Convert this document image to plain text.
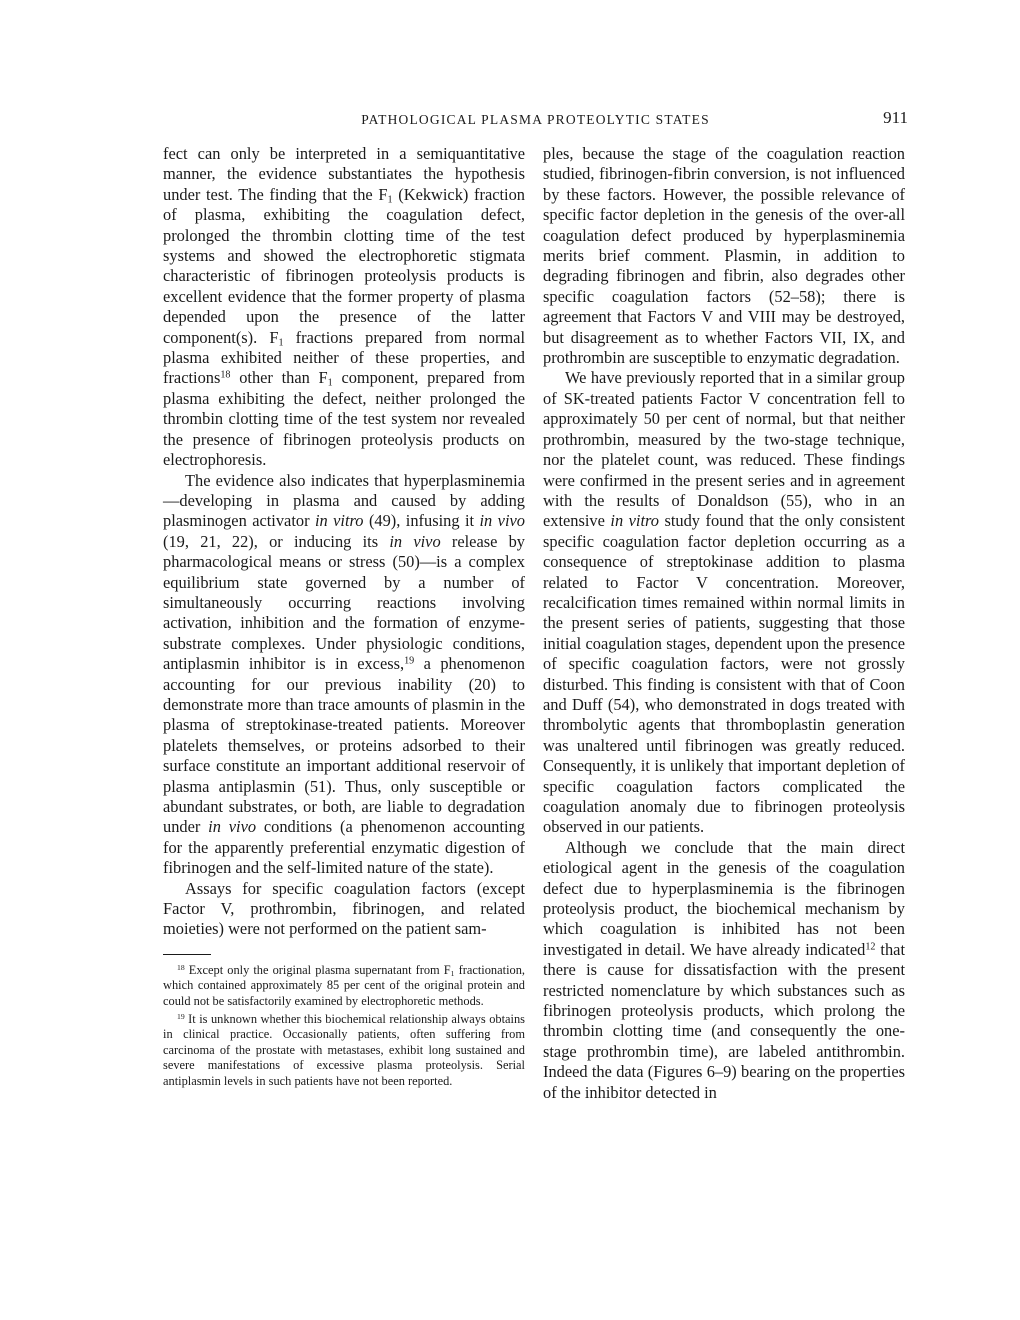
PATHOLOGICAL PLASMA PROTEOLYTIC STATES	911

fect can only be interpreted in a semiquantitative manner, the evidence substantiates the hypothesis under test. The finding that the $F_1$ (Kekwick) fraction of plasma, exhibiting the coagulation defect, prolonged the thrombin clotting time of the test systems and showed the electrophoretic stigmata characteristic of fibrinogen proteolysis products is excellent evidence that the former property of plasma depended upon the presence of the latter component(s). $F_1$ fractions prepared from normal plasma exhibited neither of these properties, and fractions$^{18}$ other than $F_1$ component, prepared from plasma exhibiting the defect, neither prolonged the thrombin clotting time of the test system nor revealed the presence of fibrinogen proteolysis products on electrophoresis.

The evidence also indicates that hyperplasminemia—developing in plasma and caused by adding plasminogen activator in vitro (49), infusing it in vivo (19, 21, 22), or inducing its in vivo release by pharmacological means or stress (50)—is a complex equilibrium state governed by a number of simultaneously occurring reactions involving activation, inhibition and the formation of enzyme-substrate complexes. Under physiologic conditions, antiplasmin inhibitor is in excess,$^{19}$ a phenomenon accounting for our previous inability (20) to demonstrate more than trace amounts of plasmin in the plasma of streptokinase-treated patients. Moreover platelets themselves, or proteins adsorbed to their surface constitute an important additional reservoir of plasma antiplasmin (51). Thus, only susceptible or abundant substrates, or both, are liable to degradation under in vivo conditions (a phenomenon accounting for the apparently preferential enzymatic digestion of fibrinogen and the self-limited nature of the state).

Assays for specific coagulation factors (except Factor V, prothrombin, fibrinogen, and related moieties) were not performed on the patient sam-

$^{18}$ Except only the original plasma supernatant from $F_1$ fractionation, which contained approximately 85 per cent of the original protein and could not be satisfactorily examined by electrophoretic methods.

$^{19}$ It is unknown whether this biochemical relationship always obtains in clinical practice. Occasionally patients, often suffering from carcinoma of the prostate with metastases, exhibit long sustained and severe manifestations of excessive plasma proteolysis. Serial antiplasmin levels in such patients have not been reported.

ples, because the stage of the coagulation reaction studied, fibrinogen-fibrin conversion, is not influenced by these factors. However, the possible relevance of specific factor depletion in the genesis of the over-all coagulation defect produced by hyperplasminemia merits brief comment. Plasmin, in addition to degrading fibrinogen and fibrin, also degrades other specific coagulation factors (52–58); there is agreement that Factors V and VIII may be destroyed, but disagreement as to whether Factors VII, IX, and prothrombin are susceptible to enzymatic degradation.

We have previously reported that in a similar group of SK-treated patients Factor V concentration fell to approximately 50 per cent of normal, but that neither prothrombin, measured by the two-stage technique, nor the platelet count, was reduced. These findings were confirmed in the present series and in agreement with the results of Donaldson (55), who in an extensive in vitro study found that the only consistent specific coagulation factor depletion occurring as a consequence of streptokinase addition to plasma related to Factor V concentration. Moreover, recalcification times remained within normal limits in the present series of patients, suggesting that those initial coagulation stages, dependent upon the presence of specific coagulation factors, were not grossly disturbed. This finding is consistent with that of Coon and Duff (54), who demonstrated in dogs treated with thrombolytic agents that thromboplastin generation was unaltered until fibrinogen was greatly reduced. Consequently, it is unlikely that important depletion of specific coagulation factors complicated the coagulation anomaly due to fibrinogen proteolysis observed in our patients.

Although we conclude that the main direct etiological agent in the genesis of the coagulation defect due to hyperplasminemia is the fibrinogen proteolysis product, the biochemical mechanism by which coagulation is inhibited has not been investigated in detail. We have already indicated$^{12}$ that there is cause for dissatisfaction with the present restricted nomenclature by which substances such as fibrinogen proteolysis products, which prolong the thrombin clotting time (and consequently the one-stage prothrombin time), are labeled antithrombin. Indeed the data (Figures 6–9) bearing on the properties of the inhibitor detected in
